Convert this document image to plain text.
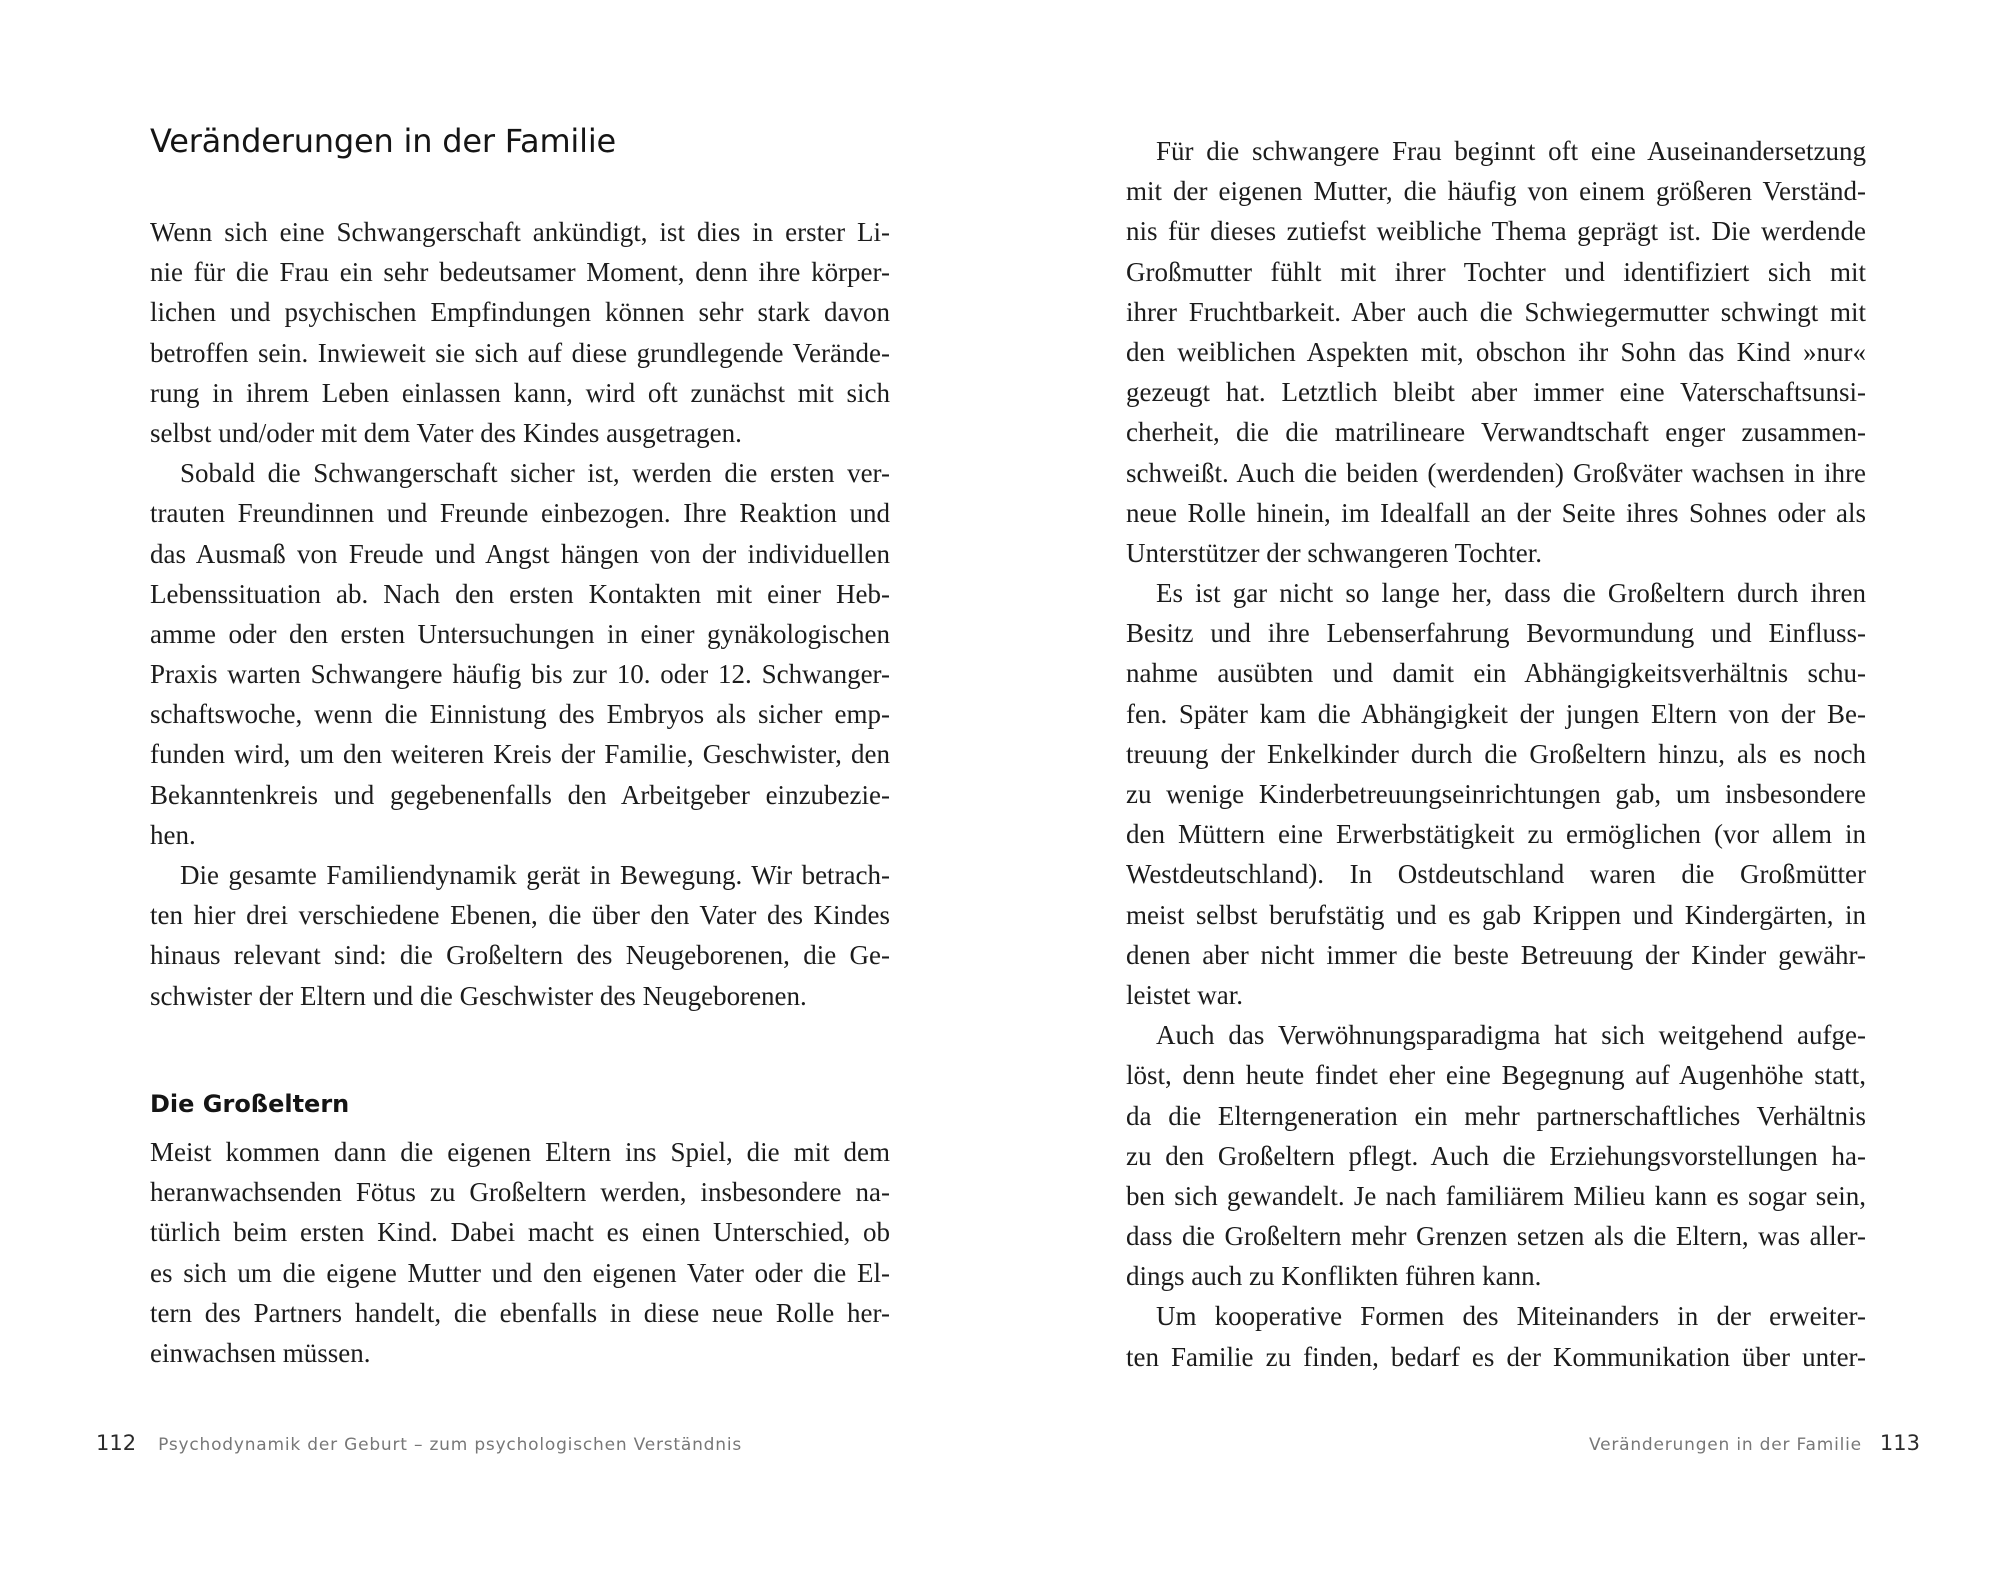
Veränderungen in der Familie
Wenn sich eine Schwangerschaft ankündigt, ist dies in erster Li-
nie für die Frau ein sehr bedeutsamer Moment, denn ihre körper-
lichen und psychischen Empfindungen können sehr stark davon
betroffen sein. Inwieweit sie sich auf diese grundlegende Verände-
rung in ihrem Leben einlassen kann, wird oft zunächst mit sich
selbst und/oder mit dem Vater des Kindes ausgetragen.
Sobald die Schwangerschaft sicher ist, werden die ersten ver-
trauten Freundinnen und Freunde einbezogen. Ihre Reaktion und
das Ausmaß von Freude und Angst hängen von der individuellen
Lebenssituation ab. Nach den ersten Kontakten mit einer Heb-
amme oder den ersten Untersuchungen in einer gynäkologischen
Praxis warten Schwangere häufig bis zur 10. oder 12. Schwanger-
schaftswoche, wenn die Einnistung des Embryos als sicher emp-
funden wird, um den weiteren Kreis der Familie, Geschwister, den
Bekanntenkreis und gegebenenfalls den Arbeitgeber einzubezie-
hen.
Die gesamte Familiendynamik gerät in Bewegung. Wir betrach-
ten hier drei verschiedene Ebenen, die über den Vater des Kindes
hinaus relevant sind: die Großeltern des Neugeborenen, die Ge-
schwister der Eltern und die Geschwister des Neugeborenen.
Die Großeltern
Meist kommen dann die eigenen Eltern ins Spiel, die mit dem
heranwachsenden Fötus zu Großeltern werden, insbesondere na-
türlich beim ersten Kind. Dabei macht es einen Unterschied, ob
es sich um die eigene Mutter und den eigenen Vater oder die El-
tern des Partners handelt, die ebenfalls in diese neue Rolle her-
einwachsen müssen.
Für die schwangere Frau beginnt oft eine Auseinandersetzung
mit der eigenen Mutter, die häufig von einem größeren Verständ-
nis für dieses zutiefst weibliche Thema geprägt ist. Die werdende
Großmutter fühlt mit ihrer Tochter und identifiziert sich mit
ihrer Fruchtbarkeit. Aber auch die Schwiegermutter schwingt mit
den weiblichen Aspekten mit, obschon ihr Sohn das Kind »nur«
gezeugt hat. Letztlich bleibt aber immer eine Vaterschaftsunsi-
cherheit, die die matrilineare Verwandtschaft enger zusammen-
schweißt. Auch die beiden (werdenden) Großväter wachsen in ihre
neue Rolle hinein, im Idealfall an der Seite ihres Sohnes oder als
Unterstützer der schwangeren Tochter.
Es ist gar nicht so lange her, dass die Großeltern durch ihren
Besitz und ihre Lebenserfahrung Bevormundung und Einfluss-
nahme ausübten und damit ein Abhängigkeitsverhältnis schu-
fen. Später kam die Abhängigkeit der jungen Eltern von der Be-
treuung der Enkelkinder durch die Großeltern hinzu, als es noch
zu wenige Kinderbetreuungseinrichtungen gab, um insbesondere
den Müttern eine Erwerbstätigkeit zu ermöglichen (vor allem in
Westdeutschland). In Ostdeutschland waren die Großmütter
meist selbst berufstätig und es gab Krippen und Kindergärten, in
denen aber nicht immer die beste Betreuung der Kinder gewähr-
leistet war.
Auch das Verwöhnungsparadigma hat sich weitgehend aufge-
löst, denn heute findet eher eine Begegnung auf Augenhöhe statt,
da die Elterngeneration ein mehr partnerschaftliches Verhältnis
zu den Großeltern pflegt. Auch die Erziehungsvorstellungen ha-
ben sich gewandelt. Je nach familiärem Milieu kann es sogar sein,
dass die Großeltern mehr Grenzen setzen als die Eltern, was aller-
dings auch zu Konflikten führen kann.
Um kooperative Formen des Miteinanders in der erweiter-
ten Familie zu finden, bedarf es der Kommunikation über unter-
112 Psychodynamik der Geburt – zum psychologischen Verständnis	Veränderungen in der Familie 113
